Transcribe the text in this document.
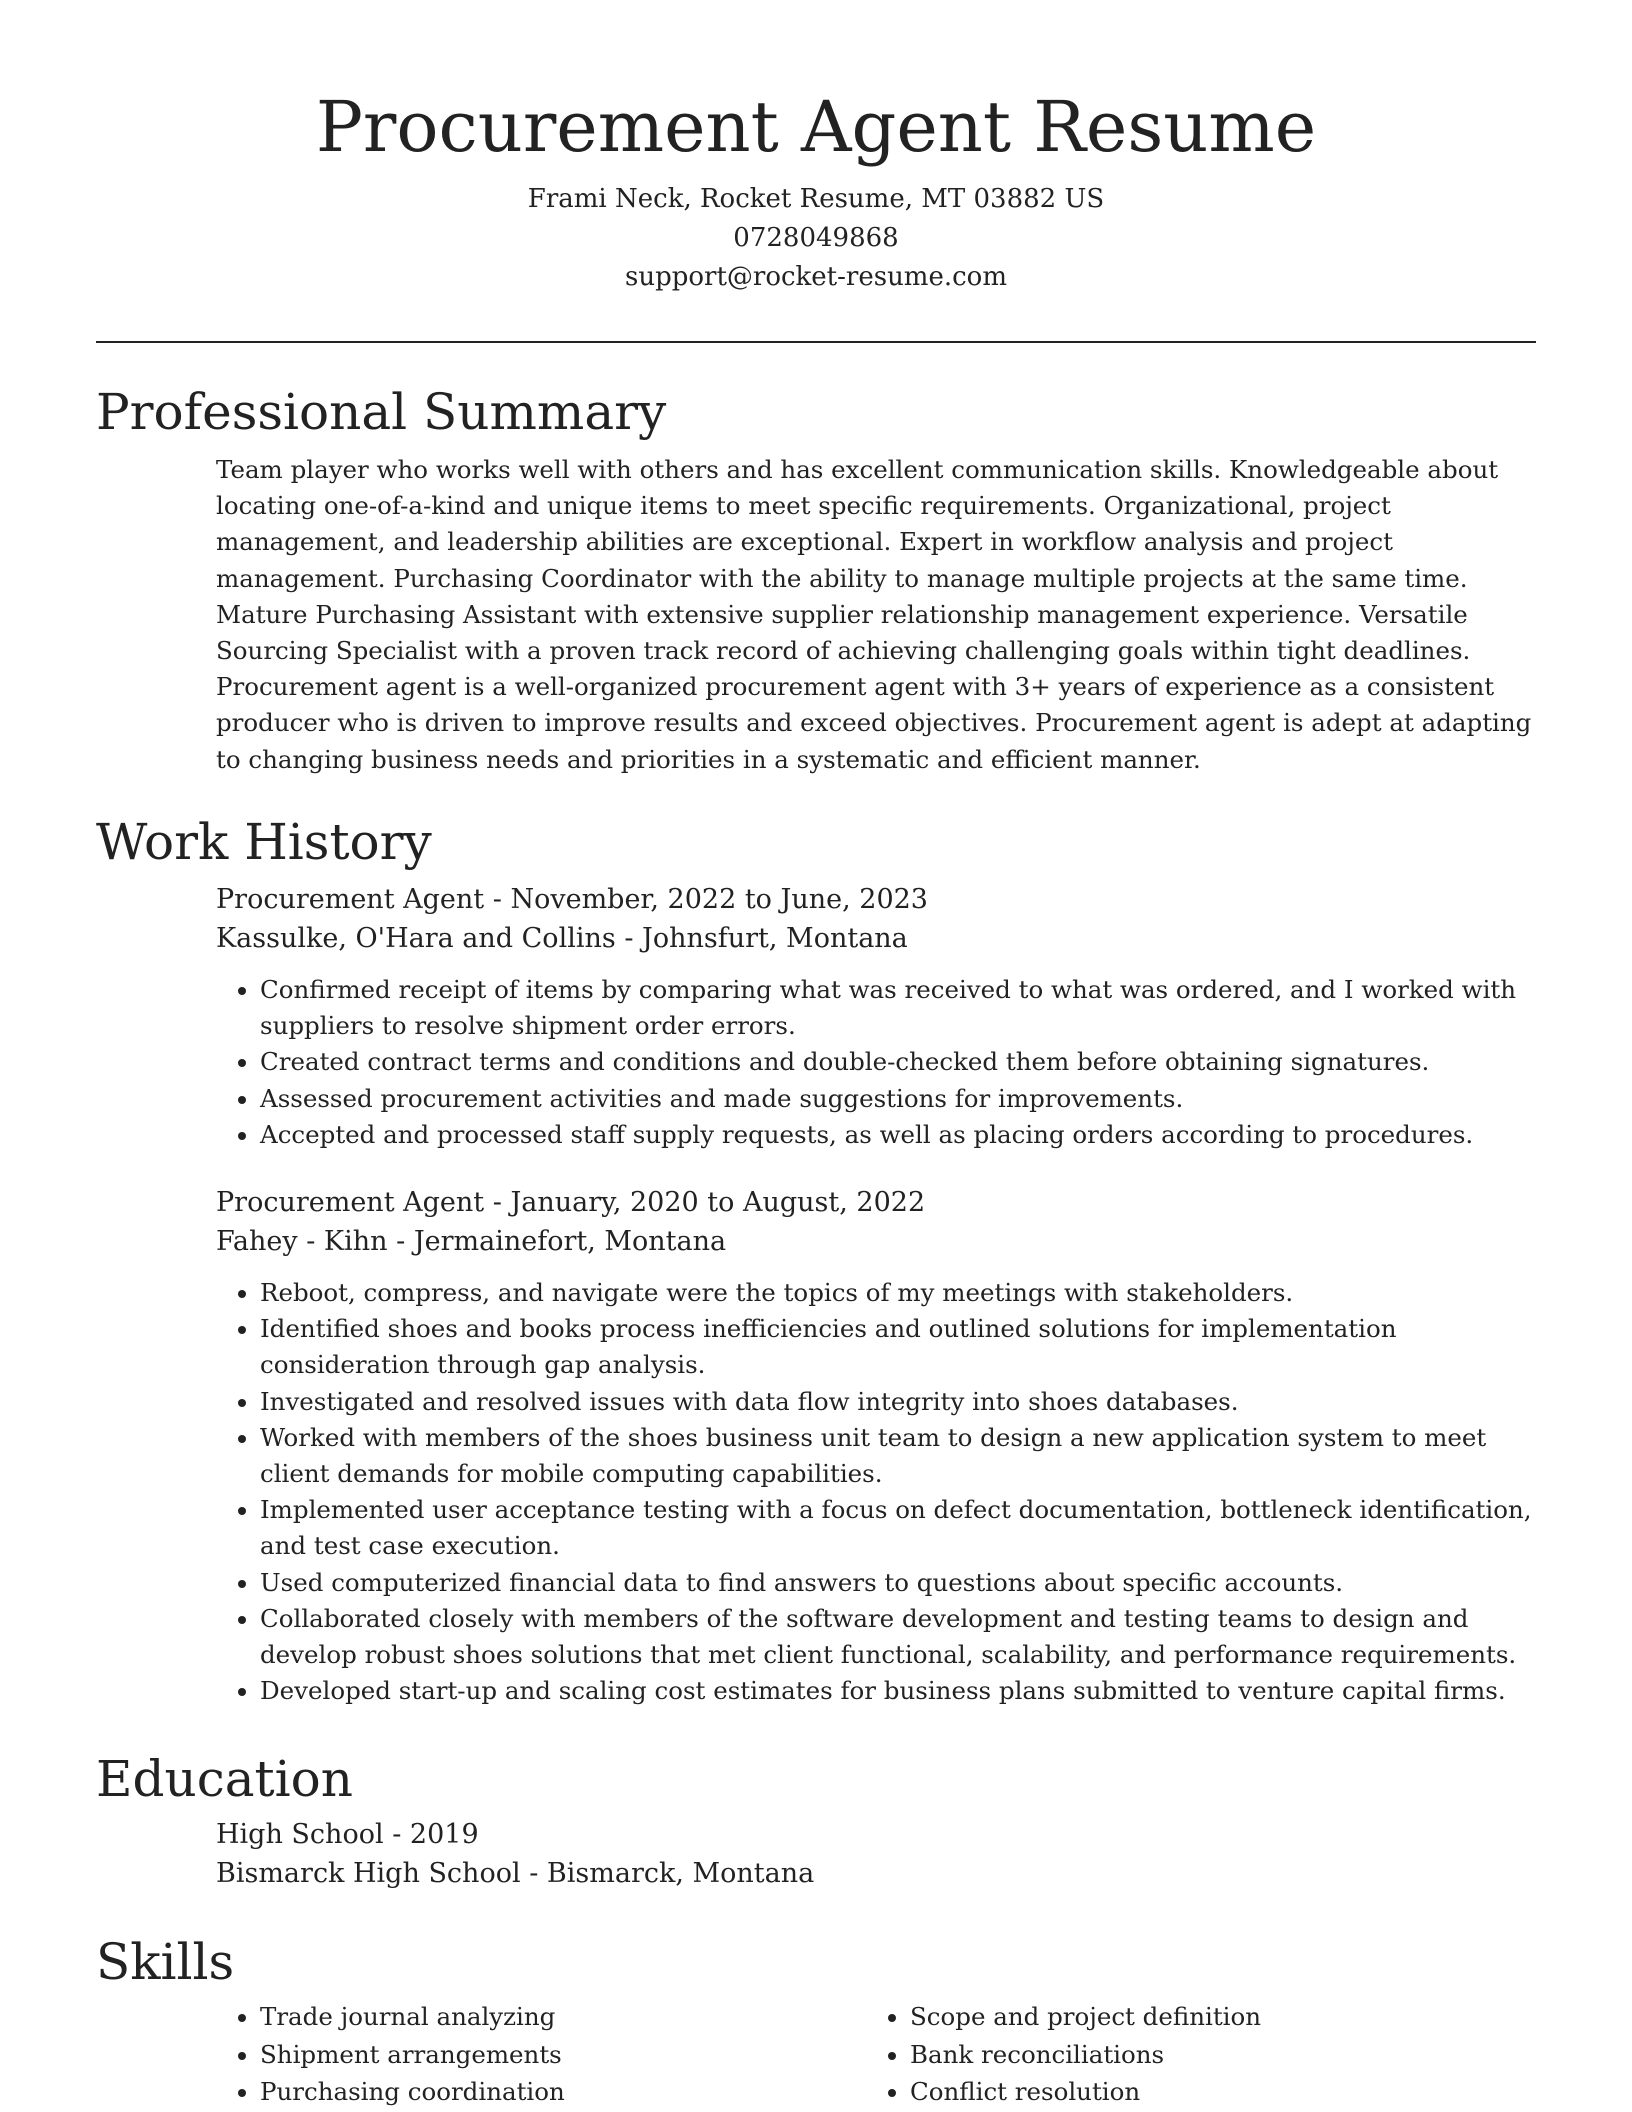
Procurement Agent Resume
Frami Neck, Rocket Resume, MT 03882 US
0728049868
support@rocket-resume.com
Professional Summary
Team player who works well with others and has excellent communication skills. Knowledgeable about locating one-of-a-kind and unique items to meet specific requirements. Organizational, project management, and leadership abilities are exceptional. Expert in workflow analysis and project management. Purchasing Coordinator with the ability to manage multiple projects at the same time. Mature Purchasing Assistant with extensive supplier relationship management experience. Versatile Sourcing Specialist with a proven track record of achieving challenging goals within tight deadlines. Procurement agent is a well-organized procurement agent with 3+ years of experience as a consistent producer who is driven to improve results and exceed objectives. Procurement agent is adept at adapting to changing business needs and priorities in a systematic and efficient manner.
Work History
Procurement Agent - November, 2022 to June, 2023
Kassulke, O'Hara and Collins - Johnsfurt, Montana
• Confirmed receipt of items by comparing what was received to what was ordered, and I worked with suppliers to resolve shipment order errors.
• Created contract terms and conditions and double-checked them before obtaining signatures.
• Assessed procurement activities and made suggestions for improvements.
• Accepted and processed staff supply requests, as well as placing orders according to procedures.
Procurement Agent - January, 2020 to August, 2022
Fahey - Kihn - Jermainefort, Montana
• Reboot, compress, and navigate were the topics of my meetings with stakeholders.
• Identified shoes and books process inefficiencies and outlined solutions for implementation consideration through gap analysis.
• Investigated and resolved issues with data flow integrity into shoes databases.
• Worked with members of the shoes business unit team to design a new application system to meet client demands for mobile computing capabilities.
• Implemented user acceptance testing with a focus on defect documentation, bottleneck identification, and test case execution.
• Used computerized financial data to find answers to questions about specific accounts.
• Collaborated closely with members of the software development and testing teams to design and develop robust shoes solutions that met client functional, scalability, and performance requirements.
• Developed start-up and scaling cost estimates for business plans submitted to venture capital firms.
Education
High School - 2019
Bismarck High School - Bismarck, Montana
Skills
• Trade journal analyzing
• Shipment arrangements
• Purchasing coordination
• Scope and project definition
• Bank reconciliations
• Conflict resolution
